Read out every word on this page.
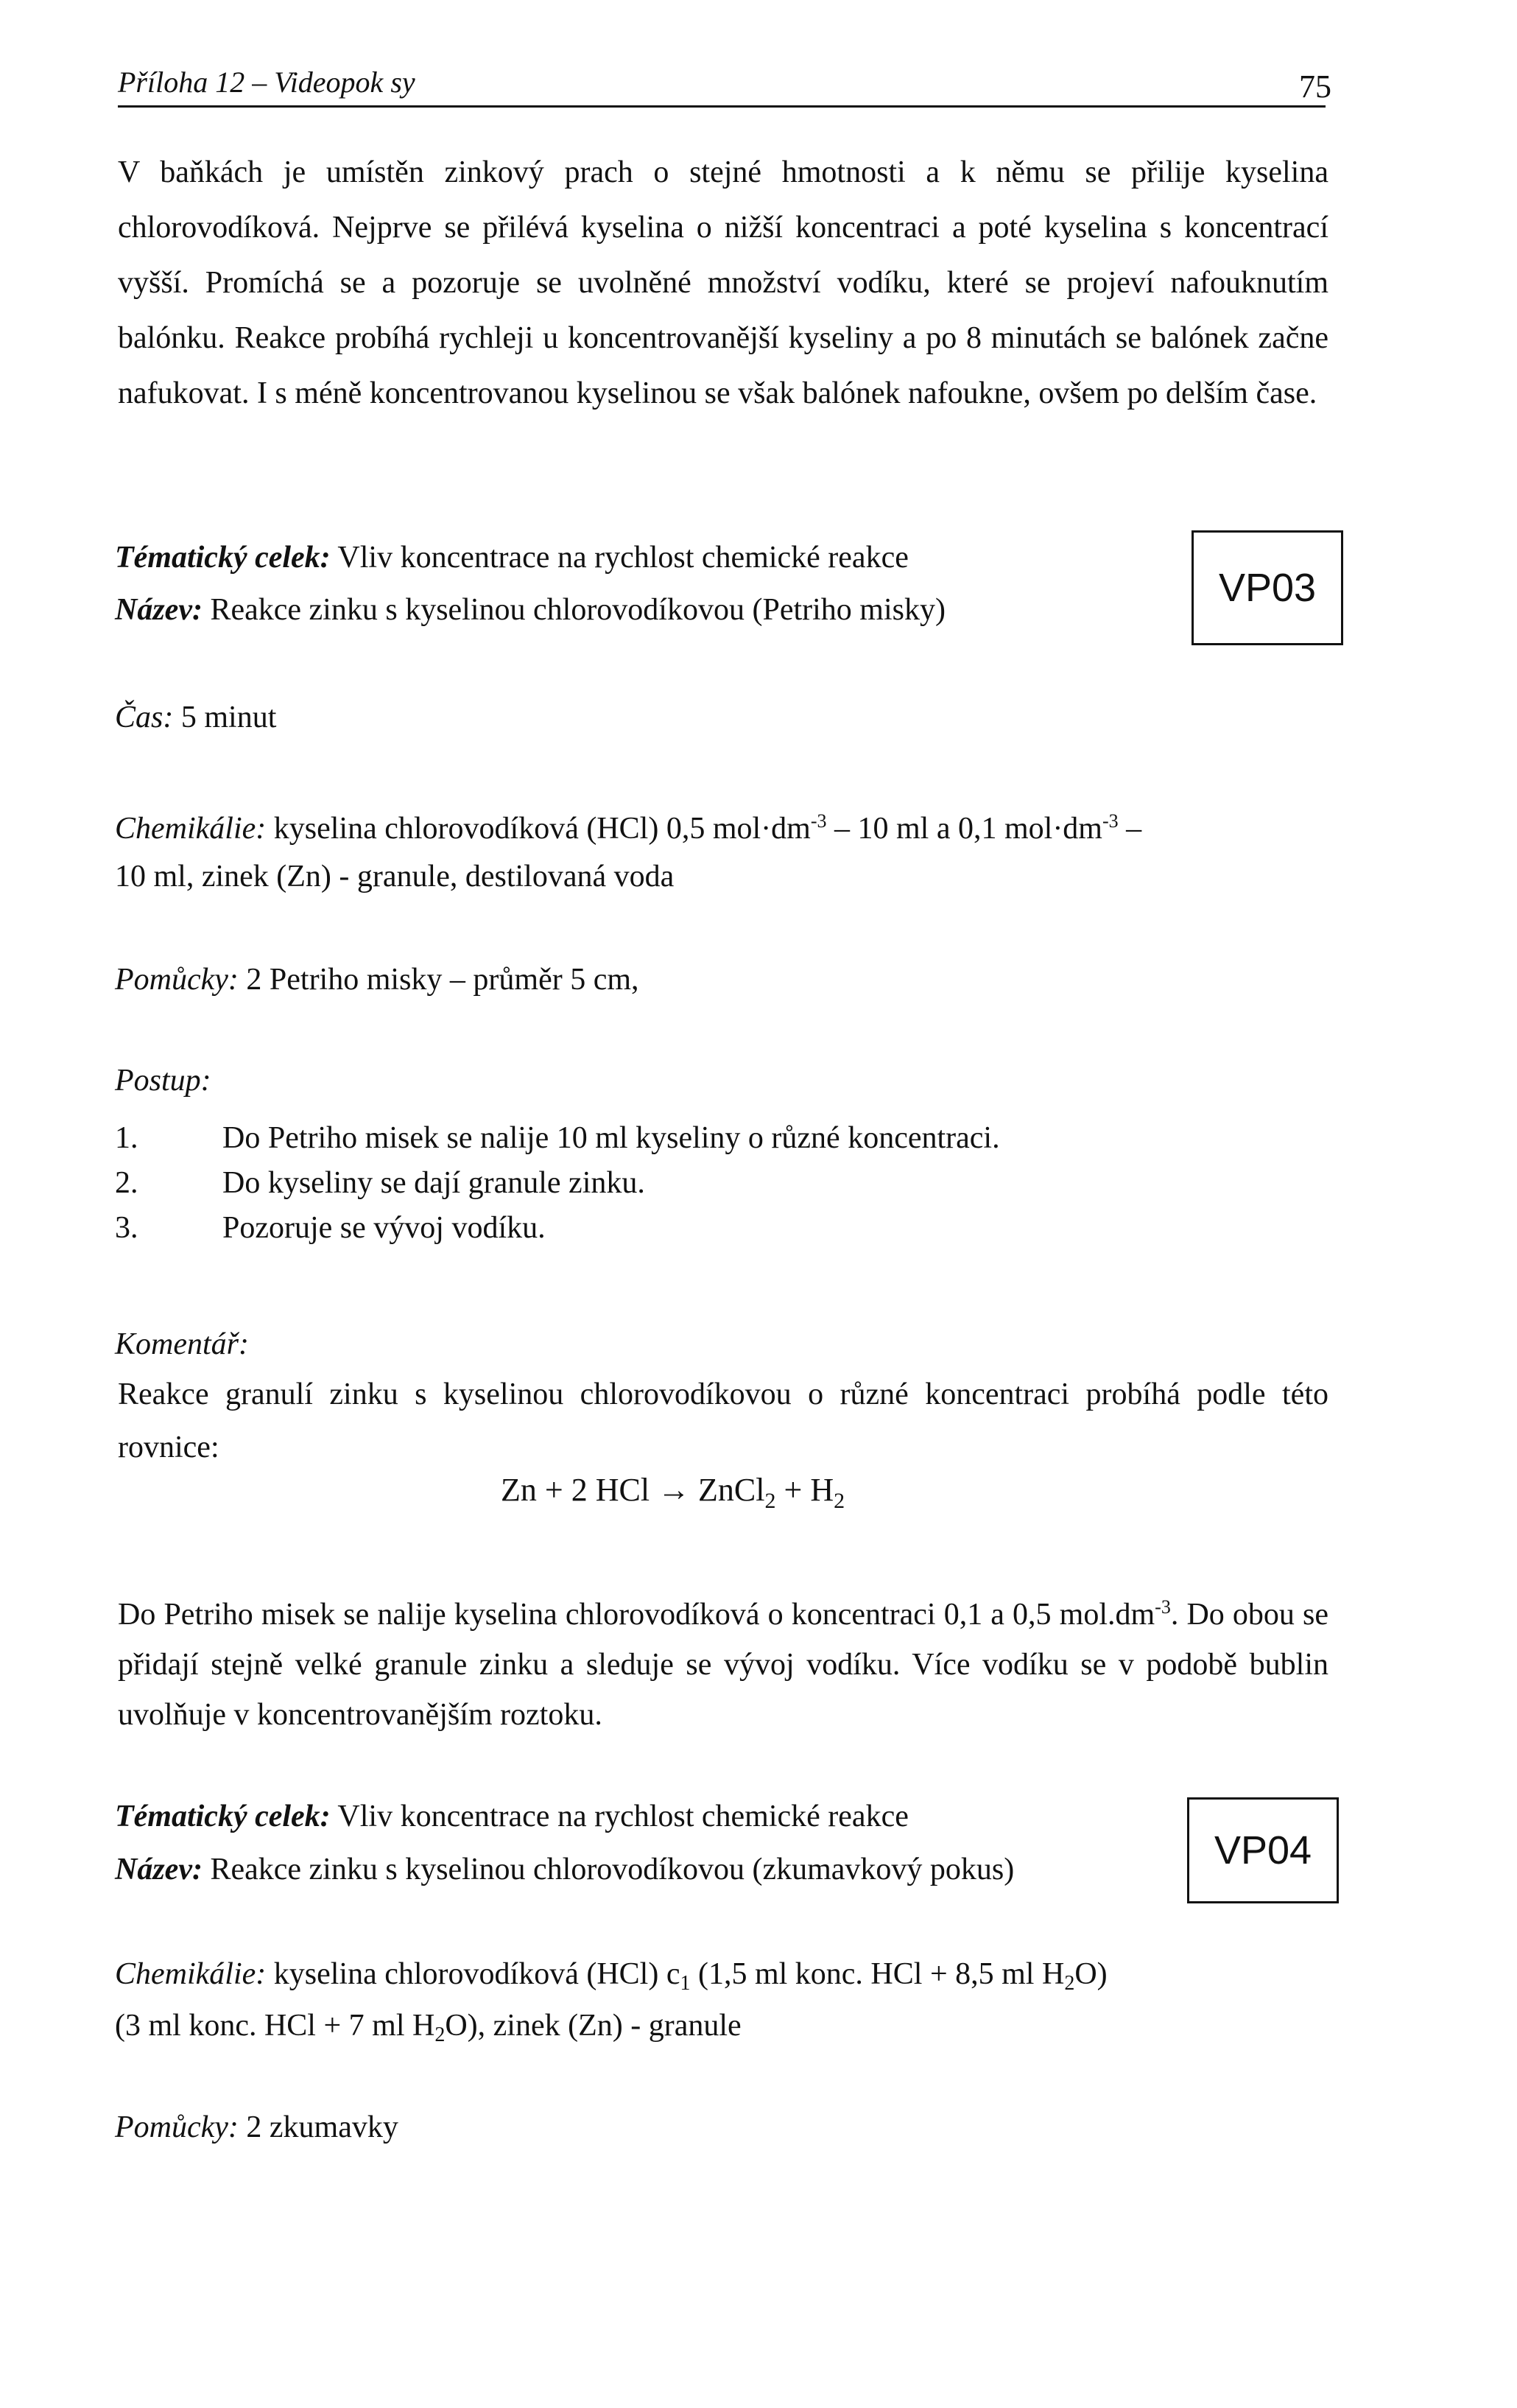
Příloha 12 – Videopok sy	75

V baňkách je umístěn zinkový prach o stejné hmotnosti a k němu se přilije kyselina chlorovodíková. Nejprve se přilévá kyselina o nižší koncentraci a poté kyselina s koncentrací vyšší. Promíchá se a pozoruje se uvolněné množství vodíku, které se projeví nafouknutím balónku. Reakce probíhá rychleji u koncentrovanější kyseliny a po 8 minutách se balónek začne nafukovat. I s méně koncentrovanou kyselinou se však balónek nafoukne, ovšem po delším čase.

Tématický celek: Vliv koncentrace na rychlost chemické reakce
Název: Reakce zinku s kyselinou chlorovodíkovou (Petriho misky)	VP03
Čas: 5 minut
Chemikálie: kyselina chlorovodíková (HCl) 0,5 $mol\cdot dm^{-3} - 10$ ml a 0,1 $mol\cdot dm^{-3}$ –
10 ml, zinek (Zn) - granule, destilovaná voda
Pomůcky: 2 Petriho misky – průměr 5 cm,
Postup:
1.	Do Petriho misek se nalije 10 ml kyseliny o různé koncentraci.
2.	Do kyseliny se dají granule zinku.
3.	Pozoruje se vývoj vodíku.
Komentář:

Reakce granulí zinku s kyselinou chlorovodíkovou o různé koncentraci probíhá podle této rovnice:

Zn + 2 HCl → ZnCl$_2$ + $H_2$

Do Petriho misek se nalije kyselina chlorovodíková o koncentraci 0,1 a 0,5 $mol.dm^{-3}$. Do obou se přidají stejně velké granule zinku a sleduje se vývoj vodíku. Více vodíku se v podobě bublin uvolňuje v koncentrovanějším roztoku.

Tématický celek: Vliv koncentrace na rychlost chemické reakce
Název: Reakce zinku s kyselinou chlorovodíkovou (zkumavkový pokus)	VP04
Chemikálie: kyselina chlorovodíková (HCl) c1 (1,5 ml konc. HCl + 8,5 ml H2O)
(3 ml konc. HCl + 7 ml H2O), zinek (Zn) - granule
Pomůcky: 2 zkumavky
